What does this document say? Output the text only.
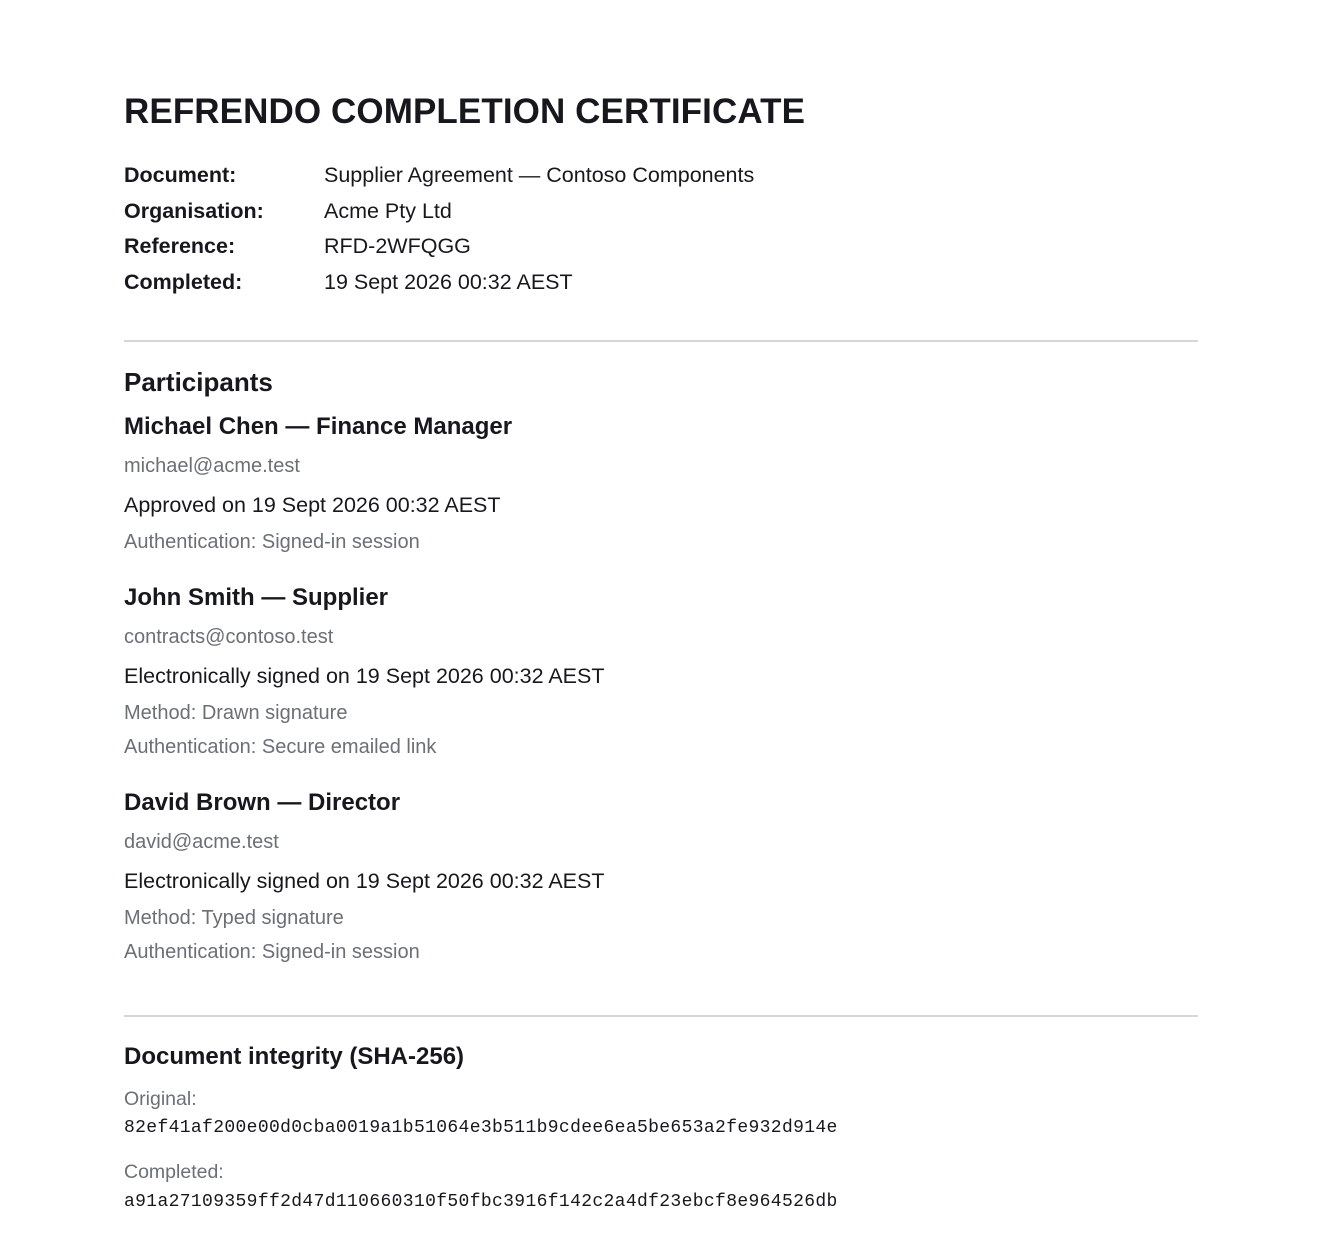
REFRENDO COMPLETION CERTIFICATE
Document:	Supplier Agreement — Contoso Components
Organisation:	Acme Pty Ltd
Reference:	RFD-2WFQGG
Completed:	19 Sept 2026 00:32 AEST
Participants
Michael Chen — Finance Manager
michael@acme.test
Approved on 19 Sept 2026 00:32 AEST
Authentication: Signed-in session
John Smith — Supplier
contracts@contoso.test
Electronically signed on 19 Sept 2026 00:32 AEST
Method: Drawn signature
Authentication: Secure emailed link
David Brown — Director
david@acme.test
Electronically signed on 19 Sept 2026 00:32 AEST
Method: Typed signature
Authentication: Signed-in session
Document integrity (SHA-256)
Original:
82ef41af200e00d0cba0019a1b51064e3b511b9cdee6ea5be653a2fe932d914e
Completed:
a91a27109359ff2d47d110660310f50fbc3916f142c2a4df23ebcf8e964526db
